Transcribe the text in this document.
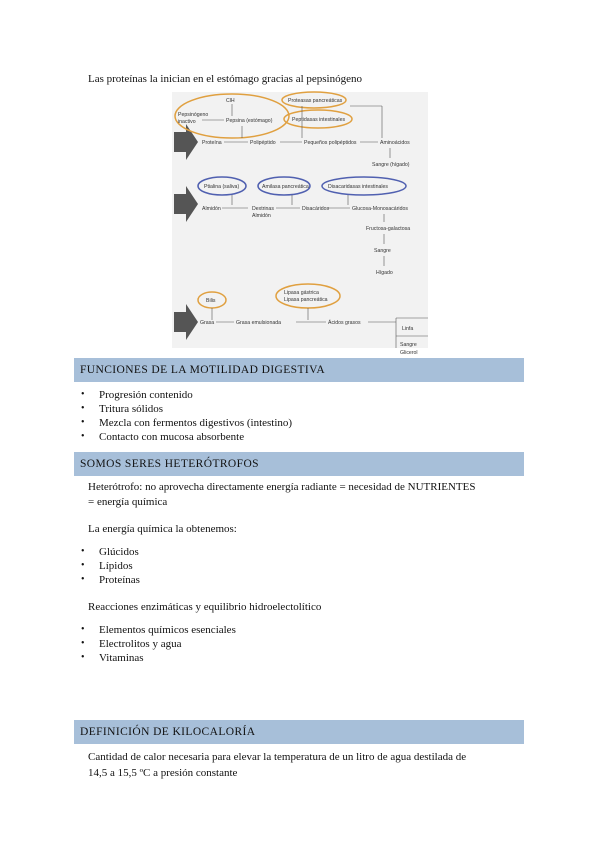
Las proteínas la inician en el estómago gracias al pepsinógeno
ClH
Pepsinógeno
inactivo	Pepsina (estómago)
Proteasas pancreáticas
Peptidasas intestinales
Proteína	Polipéptido	Pequeños polipéptidos	Aminoácidos
Sangre (hígado)
Ptialina (saliva)	Amilasa pancreática	Disacaridasas intestinales
Almidón	Dextrinas
Almidón
Disacáridos	Glucosa-Monosacáridos
Fructosa-galactosa
Sangre
Hígado
Bilis
Lipasa gástrica
Lipasa pancreática
Grasa	Grasa emulsionada	Ácidos grasos
Linfa
Sangre
Glicerol
FUNCIONES DE LA MOTILIDAD DIGESTIVA
• Progresión contenido
• Tritura sólidos
• Mezcla con fermentos digestivos (intestino)
• Contacto con mucosa absorbente
SOMOS SERES HETERÓTROFOS
Heterótrofo: no aprovecha directamente energía radiante = necesidad de NUTRIENTES
= energía química
La energía química la obtenemos:
• Glúcidos
• Lípidos
• Proteínas
Reacciones enzimáticas y equilibrio hidroelectolítico
• Elementos químicos esenciales
• Electrolitos y agua
• Vitaminas
DEFINICIÓN DE KILOCALORÍA
Cantidad de calor necesaria para elevar la temperatura de un litro de agua destilada de
14,5 a 15,5 ºC a presión constante
